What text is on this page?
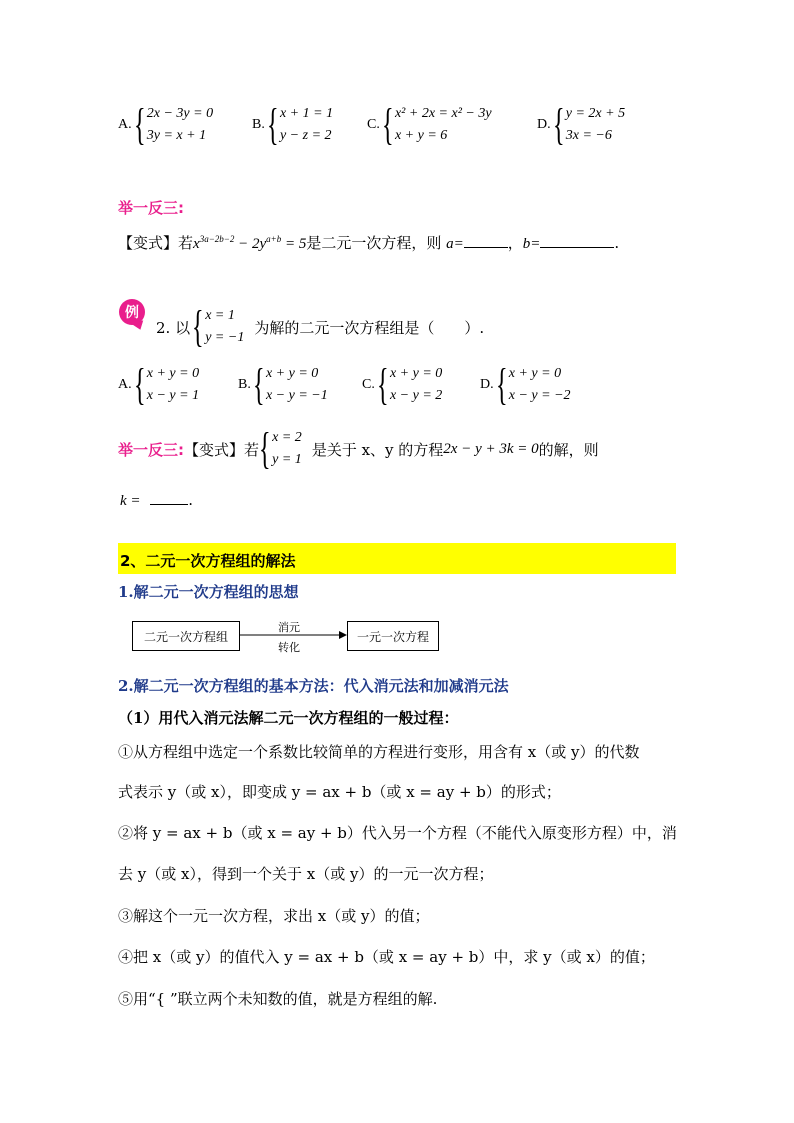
A. { 2x − 3y = 0
3y = x + 1
B. { x + 1 = 1
y − z = 2
C. { x² + 2x = x² − 3y
x + y = 6
D. { y = 2x + 5
3x = −6
举一反三:
【变式】若$x^{3a-2b-2} - 2y^{a+b} = 5$是二元一次方程，则 a=	，b=	.
例
2. 以 { x = 1
y = −1
为解的二元一次方程组是（　　）.
A. { x + y = 0
x − y = 1
B. { x + y = 0
x − y = −1
C. { x + y = 0
x − y = 2
D. { x + y = 0
x − y = −2
举一反三: 【变式】若 { x = 2
y = 1
是关于 x、y 的方程 2x − y + 3k = 0 的解，则
k =	.
2、二元一次方程组的解法
1.解二元一次方程组的思想
二元一次方程组
消元
转化
一元一次方程
2.解二元一次方程组的基本方法：代入消元法和加减消元法
（1）用代入消元法解二元一次方程组的一般过程：
①从方程组中选定一个系数比较简单的方程进行变形，用含有 x（或 y）的代数
式表示 y（或 x），即变成 y = ax + b（或 x = ay + b）的形式；
②将 y = ax + b（或 x = ay + b）代入另一个方程（不能代入原变形方程）中，消
去 y（或 x），得到一个关于 x（或 y）的一元一次方程；
③解这个一元一次方程，求出 x（或 y）的值；
④把 x（或 y）的值代入 y = ax + b（或 x = ay + b）中，求 y（或 x）的值；
⑤用“{ ”联立两个未知数的值，就是方程组的解.
